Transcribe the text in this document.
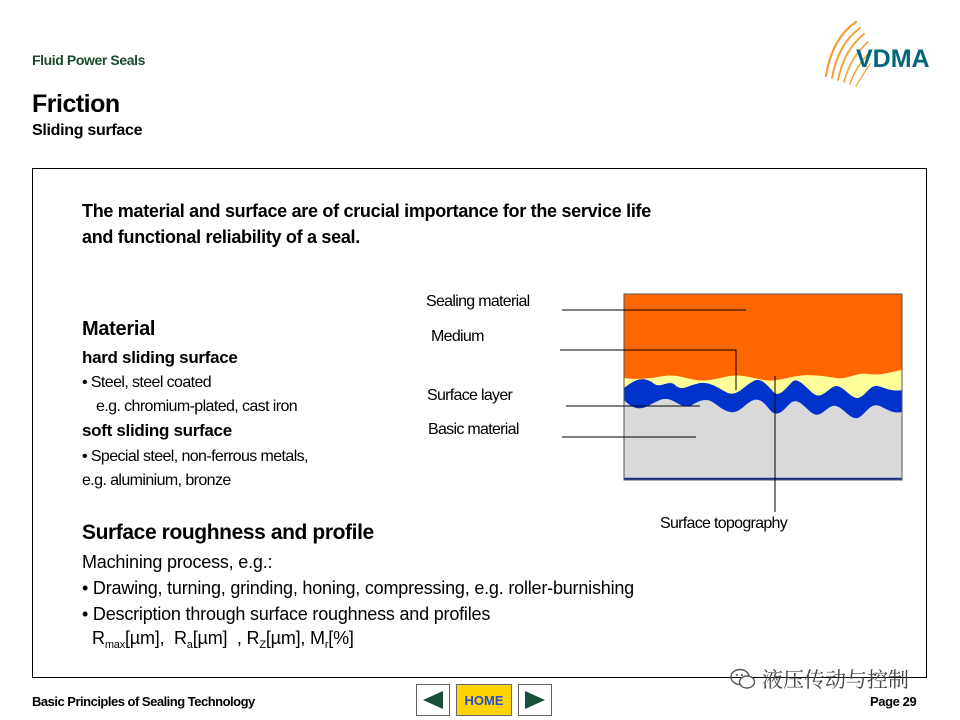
Fluid Power Seals
Friction
Sliding surface
VDMA
The material and surface are of crucial importance for the service life and functional reliability of a seal.
Material
hard sliding surface
• Steel, steel coated
e.g. chromium-plated, cast iron
soft sliding surface
• Special steel, non-ferrous metals,
e.g. aluminium, bronze
Surface roughness and profile
Machining process, e.g.:
• Drawing, turning, grinding, honing, compressing, e.g. roller-burnishing
• Description through surface roughness and profiles
$R_{max}[\mu m]$,  $R_a[\mu m]$  , $R_Z[\mu m]$, $M_r[\%]$
Sealing material
Medium
Surface layer
Basic material
Surface topography
Basic Principles of Sealing Technology	HOME	Page 29
液压传动与控制
